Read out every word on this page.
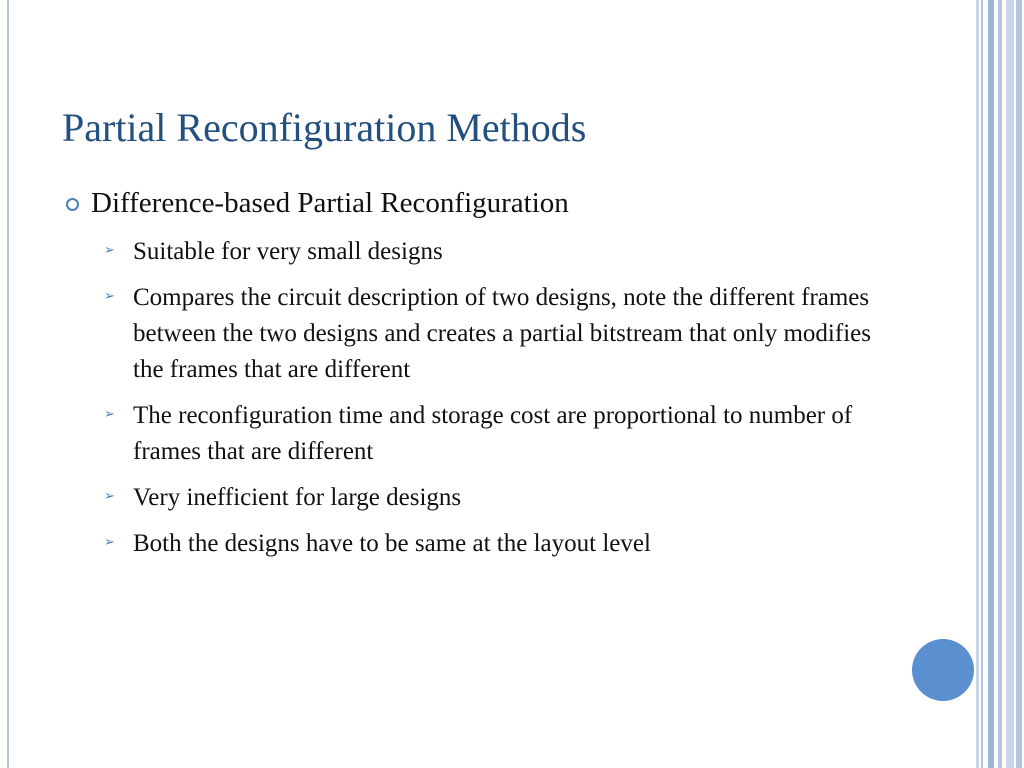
Partial Reconfiguration Methods
Difference-based Partial Reconfiguration
➢ Suitable for very small designs
➢ Compares the circuit description of two designs, note the different frames between the two designs and creates a partial bitstream that only modifies the frames that are different
➢ The reconfiguration time and storage cost are proportional to number of frames that are different
➢ Very inefficient for large designs
➢ Both the designs have to be same at the layout level
